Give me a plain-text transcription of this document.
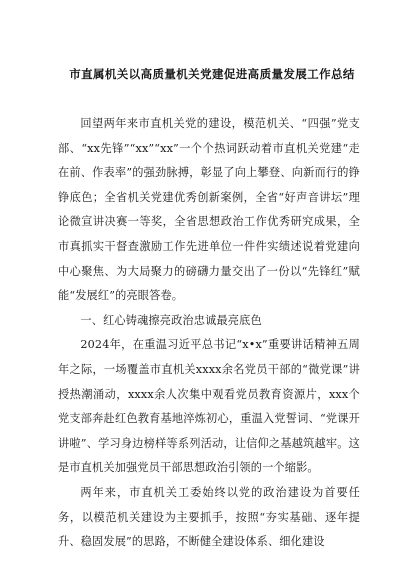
市直属机关以高质量机关党建促进高质量发展工作总结

回望两年来市直机关党的建设，模范机关、“四强”党支部、“xx先锋”“xx”“xx”一个个热词跃动着市直机关党建“走在前、作表率”的强劲脉搏，彰显了向上攀登、向新而行的铮铮底色；全省机关党建优秀创新案例，全省“好声音讲坛”理论微宣讲决赛一等奖，全省思想政治工作优秀研究成果，全市真抓实干督查激励工作先进单位一件件实绩述说着党建向中心聚焦、为大局聚力的磅礴力量交出了一份以“先锋红”赋能“发展红”的亮眼答卷。

一、红心铸魂擦亮政治忠诚最亮底色

2024年，在重温习近平总书记“x•x”重要讲话精神五周年之际，一场覆盖市直机关xxxx余名党员干部的“微党课”讲授热潮涌动，xxxx余人次集中观看党员教育资源片，xxx个党支部奔赴红色教育基地淬炼初心，重温入党誓词、“党课开讲啦”、学习身边榜样等系列活动，让信仰之基越筑越牢。这是市直机关加强党员干部思想政治引领的一个缩影。

两年来，市直机关工委始终以党的政治建设为首要任务，以模范机关建设为主要抓手，按照“夯实基础、逐年提升、稳固发展”的思路，不断健全建设体系、细化建设
